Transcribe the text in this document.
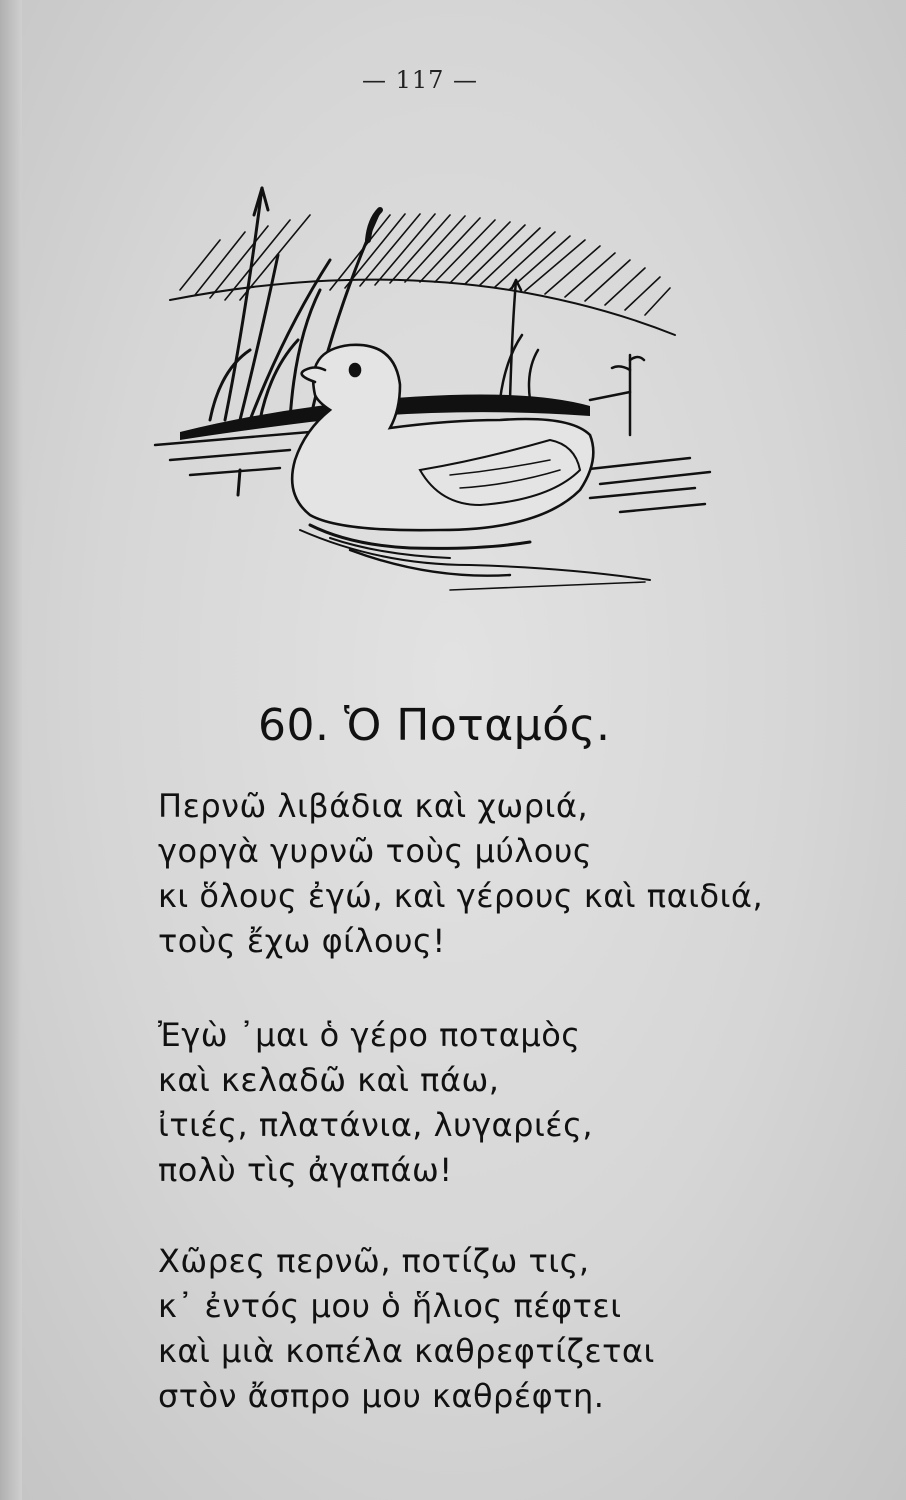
— 117 —
60. Ὁ Ποταμός.
Περνῶ λιβάδια καὶ χωριά,
γοργὰ γυρνῶ τοὺς μύλους
κι ὅλους ἐγώ, καὶ γέρους καὶ παιδιά,
τοὺς ἔχω φίλους!
Ἐγὼ ᾽μαι ὁ γέρο ποταμὸς
καὶ κελαδῶ καὶ πάω,
ἰτιές, πλατάνια, λυγαριές,
πολὺ τὶς ἀγαπάω!
Χῶρες περνῶ, ποτίζω τις,
κ᾽ ἐντός μου ὁ ἥλιος πέφτει
καὶ μιὰ κοπέλα καθρεφτίζεται
στὸν ἄσπρο μου καθρέφτη.
